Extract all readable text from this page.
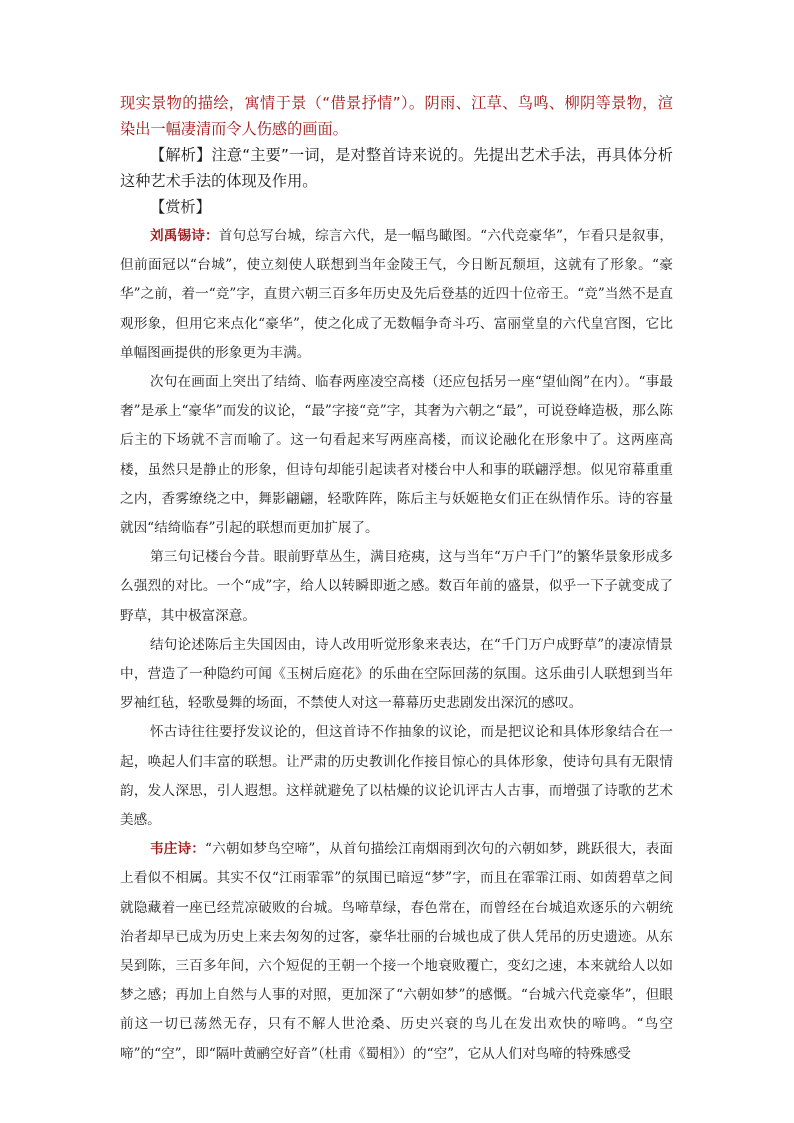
现实景物的描绘，寓情于景（“借景抒情”）。阴雨、江草、鸟鸣、柳阴等景物，渲染出一幅凄清而令人伤感的画面。

【解析】注意“主要”一词，是对整首诗来说的。先提出艺术手法，再具体分析这种艺术手法的体现及作用。

【赏析】

刘禹锡诗：首句总写台城，综言六代，是一幅鸟瞰图。“六代竞豪华”，乍看只是叙事，但前面冠以“台城”，使立刻使人联想到当年金陵王气，今日断瓦颓垣，这就有了形象。“豪华”之前，着一“竞”字，直贯六朝三百多年历史及先后登基的近四十位帝王。“竞”当然不是直观形象，但用它来点化“豪华”，使之化成了无数幅争奇斗巧、富丽堂皇的六代皇宫图，它比单幅图画提供的形象更为丰满。

次句在画面上突出了结绮、临春两座凌空高楼（还应包括另一座“望仙阁”在内）。“事最奢”是承上“豪华”而发的议论，“最”字接“竞”字，其奢为六朝之“最”，可说登峰造极，那么陈后主的下场就不言而喻了。这一句看起来写两座高楼，而议论融化在形象中了。这两座高楼，虽然只是静止的形象，但诗句却能引起读者对楼台中人和事的联翩浮想。似见帘幕重重之内，香雾缭绕之中，舞影翩翩，轻歌阵阵，陈后主与妖姬艳女们正在纵情作乐。诗的容量就因“结绮临春”引起的联想而更加扩展了。

第三句记楼台今昔。眼前野草丛生，满目疮痍，这与当年“万户千门”的繁华景象形成多么强烈的对比。一个“成”字，给人以转瞬即逝之感。数百年前的盛景，似乎一下子就变成了野草，其中极富深意。

结句论述陈后主失国因由，诗人改用听觉形象来表达，在“千门万户成野草”的凄凉情景中，营造了一种隐约可闻《玉树后庭花》的乐曲在空际回荡的氛围。这乐曲引人联想到当年罗袖红毡，轻歌曼舞的场面，不禁使人对这一幕幕历史悲剧发出深沉的感叹。

怀古诗往往要抒发议论的，但这首诗不作抽象的议论，而是把议论和具体形象结合在一起，唤起人们丰富的联想。让严肃的历史教训化作接目惊心的具体形象，使诗句具有无限情韵，发人深思，引人遐想。这样就避免了以枯燥的议论讥评古人古事，而增强了诗歌的艺术美感。

韦庄诗：“六朝如梦鸟空啼”，从首句描绘江南烟雨到次句的六朝如梦，跳跃很大，表面上看似不相属。其实不仅“江雨霏霏”的氛围已暗逗“梦”字，而且在霏霏江雨、如茵碧草之间就隐藏着一座已经荒凉破败的台城。鸟啼草绿，春色常在，而曾经在台城追欢逐乐的六朝统治者却早已成为历史上来去匆匆的过客，豪华壮丽的台城也成了供人凭吊的历史遗迹。从东吴到陈，三百多年间，六个短促的王朝一个接一个地衰败覆亡，变幻之速，本来就给人以如梦之感；再加上自然与人事的对照，更加深了“六朝如梦”的感慨。“台城六代竞豪华”，但眼前这一切已荡然无存，只有不解人世沧桑、历史兴衰的鸟儿在发出欢快的啼鸣。“鸟空啼”的“空”，即“隔叶黄鹂空好音”（杜甫《蜀相》）的“空”，它从人们对鸟啼的特殊感受
